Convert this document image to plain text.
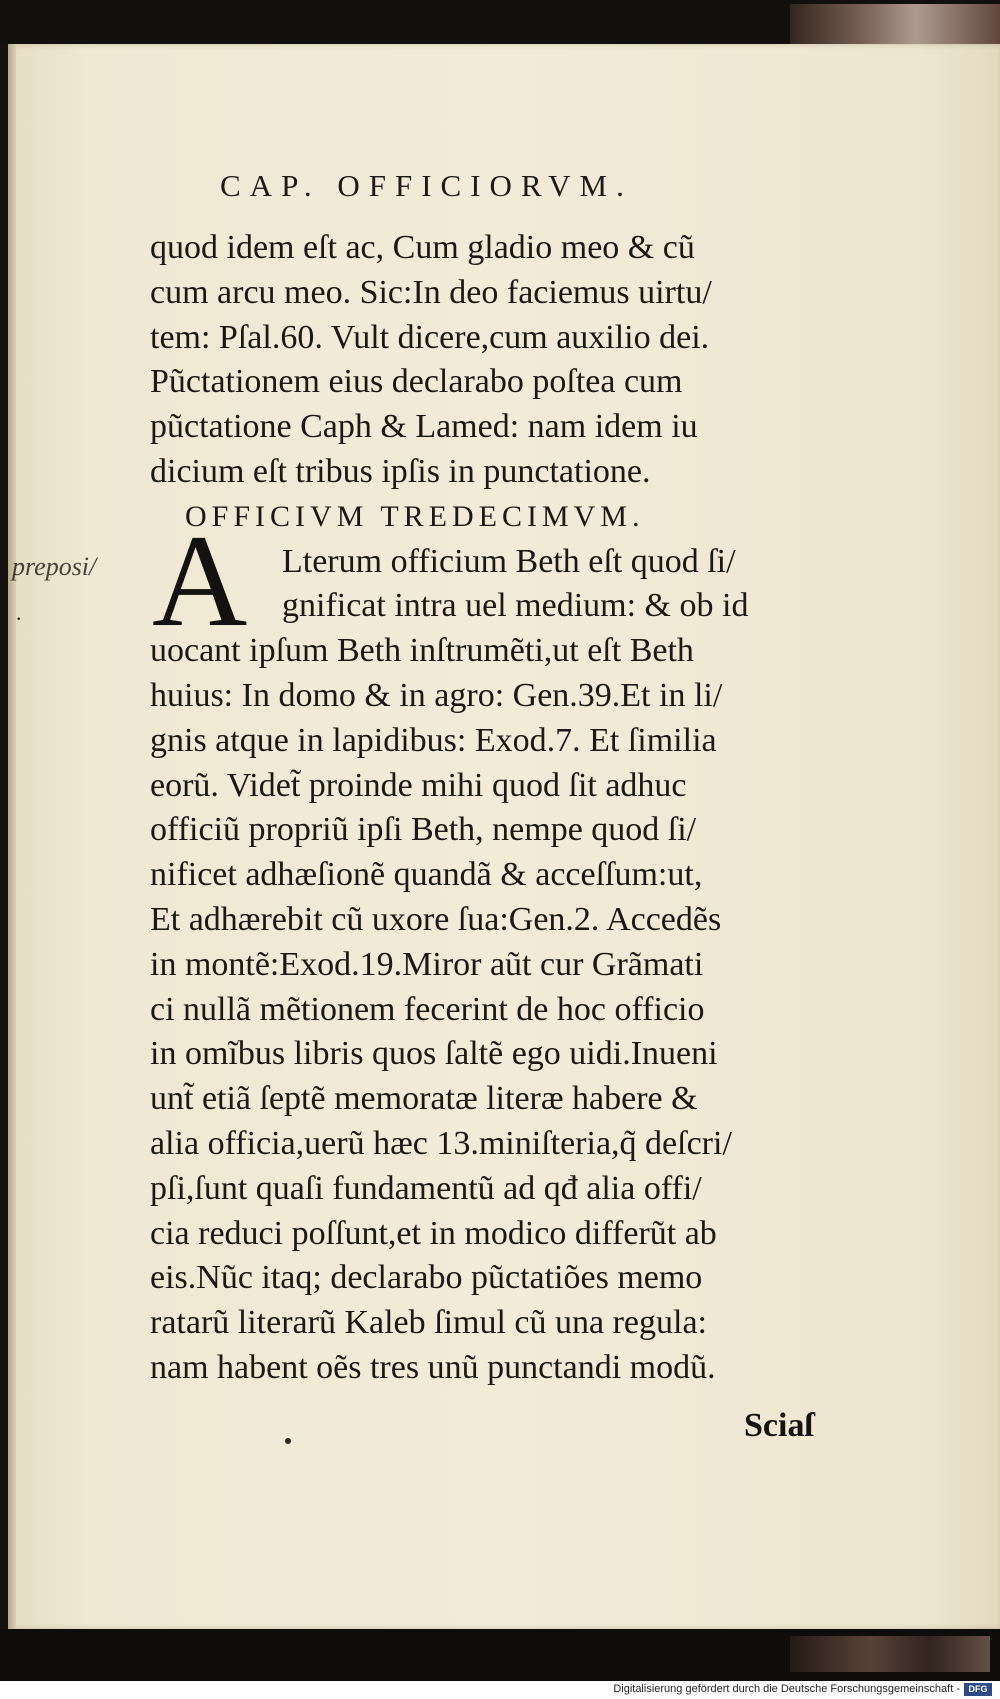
CAP. OFFICIORVM.
preposi/
. A
quod idem eſt ac, Cum gladio meo & cũ
cum arcu meo. Sic:In deo faciemus uirtu/
tem: Pſal.60. Vult dicere,cum auxilio dei.
Pũctationem eius declarabo poſtea cum
pũctatione Caph & Lamed: nam idem iu
dicium eſt tribus ipſis in punctatione.
OFFICIVM TREDECIMVM.
Lterum officium Beth eſt quod ſi/
gnificat intra uel medium: & ob id
uocant ipſum Beth inſtrumẽti,ut eſt Beth
huius: In domo & in agro: Gen.39.Et in li/
gnis atque in lapidibus: Exod.7. Et ſimilia
eorũ. Videt̃ proinde mihi quod ſit adhuc
officiũ propriũ ipſi Beth, nempe quod ſi/
nificet adhæſionẽ quandã & acceſſum:ut,
Et adhærebit cũ uxore ſua:Gen.2. Accedẽs
in montẽ:Exod.19.Miror aũt cur Grãmati
ci nullã mẽtionem fecerint de hoc officio
in omĩbus libris quos ſaltẽ ego uidi.Inueni
unt̃ etiã ſeptẽ memoratæ literæ habere &
alia officia,uerũ hæc 13.miniſteria,q̃ deſcri/
pſi,ſunt quaſi fundamentũ ad qđ alia offi/
cia reduci poſſunt,et in modico differũt ab
eis.Nũc itaq; declarabo pũctatiões memo
ratarũ literarũ Kaleb ſimul cũ una regula:
nam habent oẽs tres unũ punctandi modũ.
Sciaſ
Digitalisierung gefördert durch die Deutsche Forschungsgemeinschaft - DFG
